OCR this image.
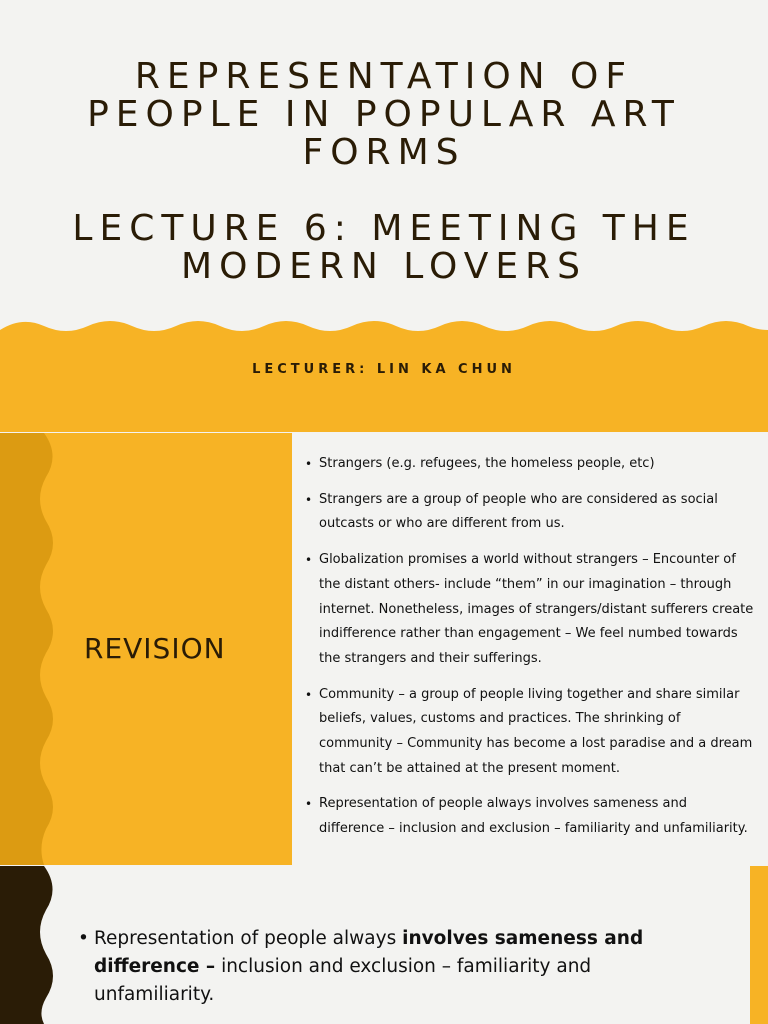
REPRESENTATION OF
PEOPLE IN POPULAR ART
FORMS
LECTURE 6: MEETING THE
MODERN LOVERS
LECTURER: LIN KA CHUN
REVISION
• Strangers (e.g. refugees, the homeless people, etc)
• Strangers are a group of people who are considered as social outcasts or who are different from us.
• Globalization promises a world without strangers – Encounter of the distant others- include “them” in our imagination – through internet. Nonetheless, images of strangers/distant sufferers create indifference rather than engagement – We feel numbed towards the strangers and their sufferings.
• Community – a group of people living together and share similar beliefs, values, customs and practices. The shrinking of community – Community has become a lost paradise and a dream that can’t be attained at the present moment.
• Representation of people always involves sameness and difference – inclusion and exclusion – familiarity and unfamiliarity.
• Representation of people always involves sameness and difference – inclusion and exclusion – familiarity and unfamiliarity.
